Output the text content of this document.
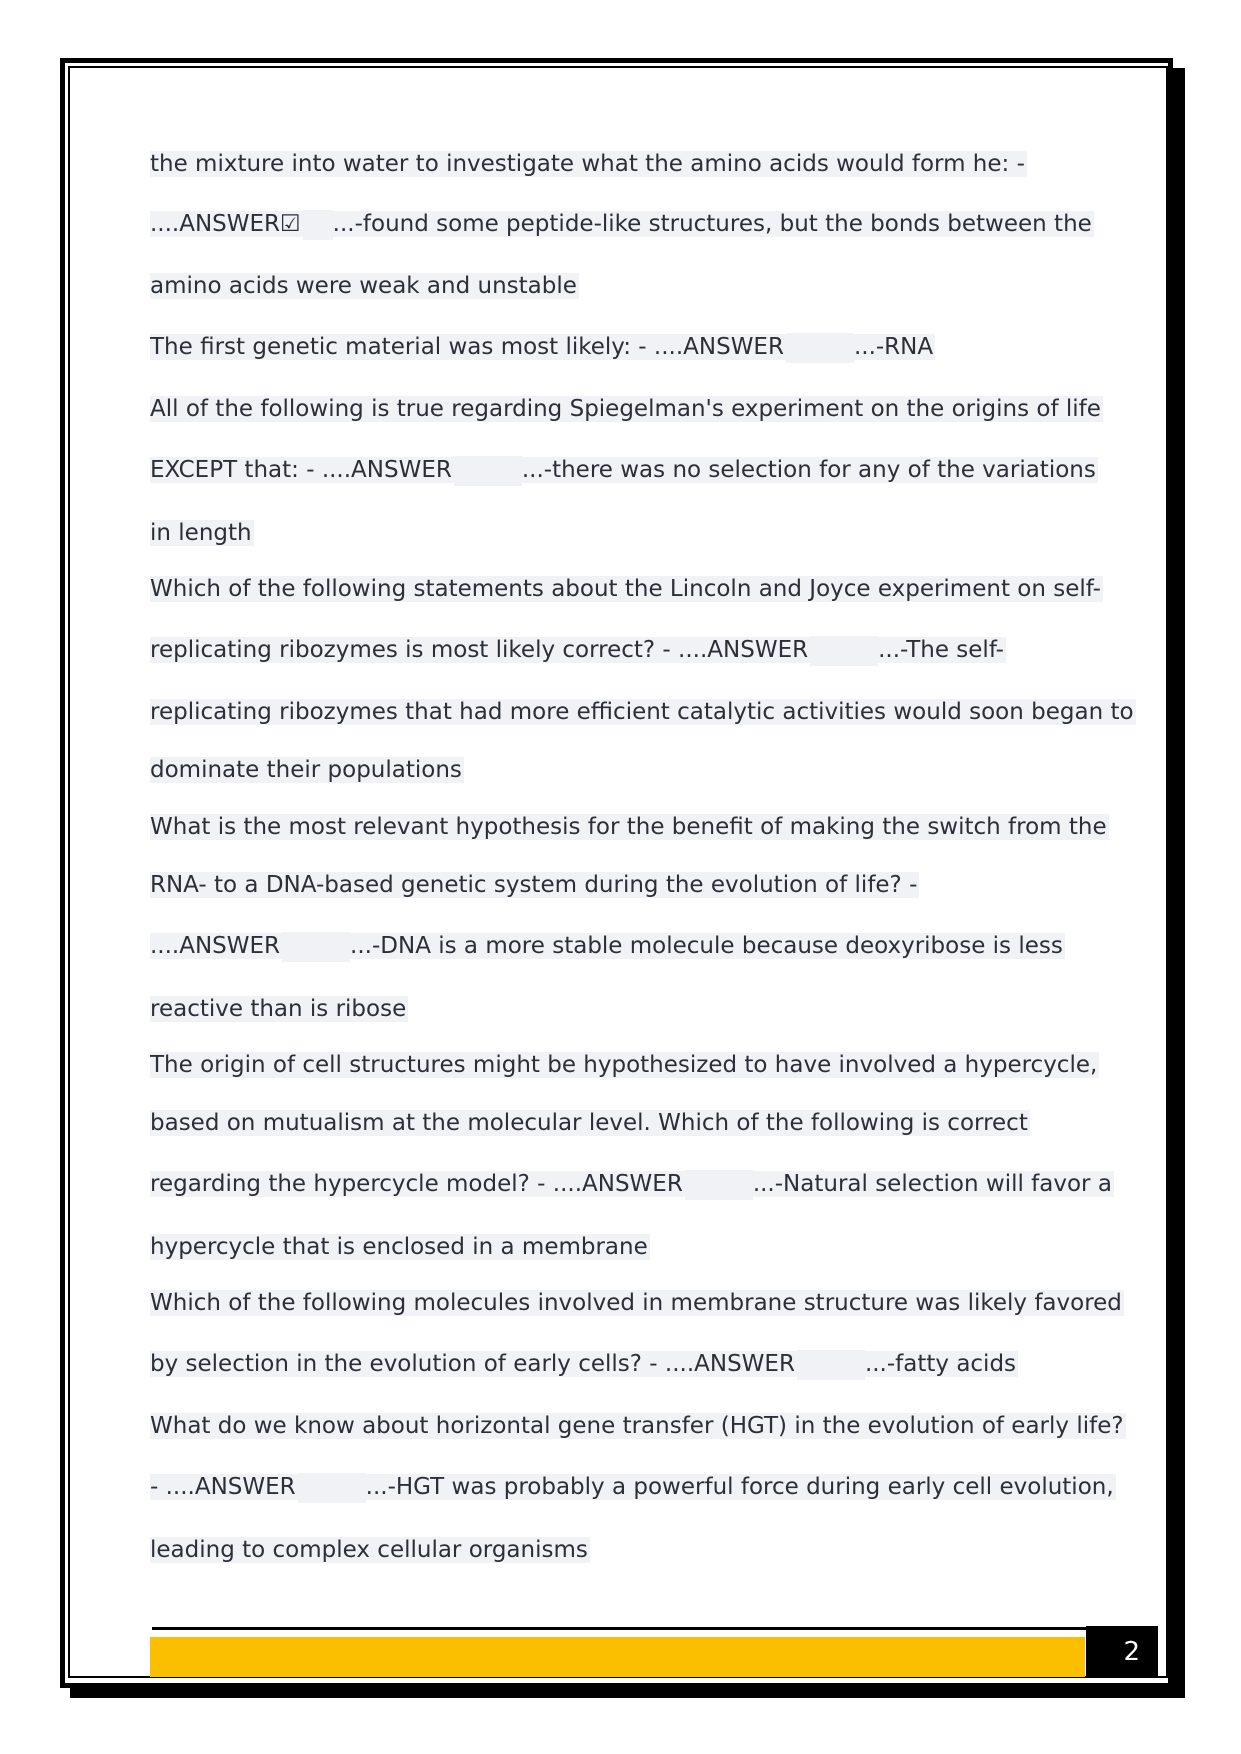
the mixture into water to investigate what the amino acids would form he: -
....ANSWER☑ ...-found some peptide-like structures, but the bonds between the
amino acids were weak and unstable
The first genetic material was most likely: - ....ANSWER	...-RNA
All of the following is true regarding Spiegelman's experiment on the origins of life
EXCEPT that: - ....ANSWER	...-there was no selection for any of the variations
in length
Which of the following statements about the Lincoln and Joyce experiment on self-
replicating ribozymes is most likely correct? - ....ANSWER	...-The self-
replicating ribozymes that had more efficient catalytic activities would soon began to
dominate their populations
What is the most relevant hypothesis for the benefit of making the switch from the
RNA- to a DNA-based genetic system during the evolution of life? -
....ANSWER	...-DNA is a more stable molecule because deoxyribose is less
reactive than is ribose
The origin of cell structures might be hypothesized to have involved a hypercycle,
based on mutualism at the molecular level. Which of the following is correct
regarding the hypercycle model? - ....ANSWER	...-Natural selection will favor a
hypercycle that is enclosed in a membrane
Which of the following molecules involved in membrane structure was likely favored
by selection in the evolution of early cells? - ....ANSWER	...-fatty acids
What do we know about horizontal gene transfer (HGT) in the evolution of early life?
- ....ANSWER	...-HGT was probably a powerful force during early cell evolution,
leading to complex cellular organisms
2
